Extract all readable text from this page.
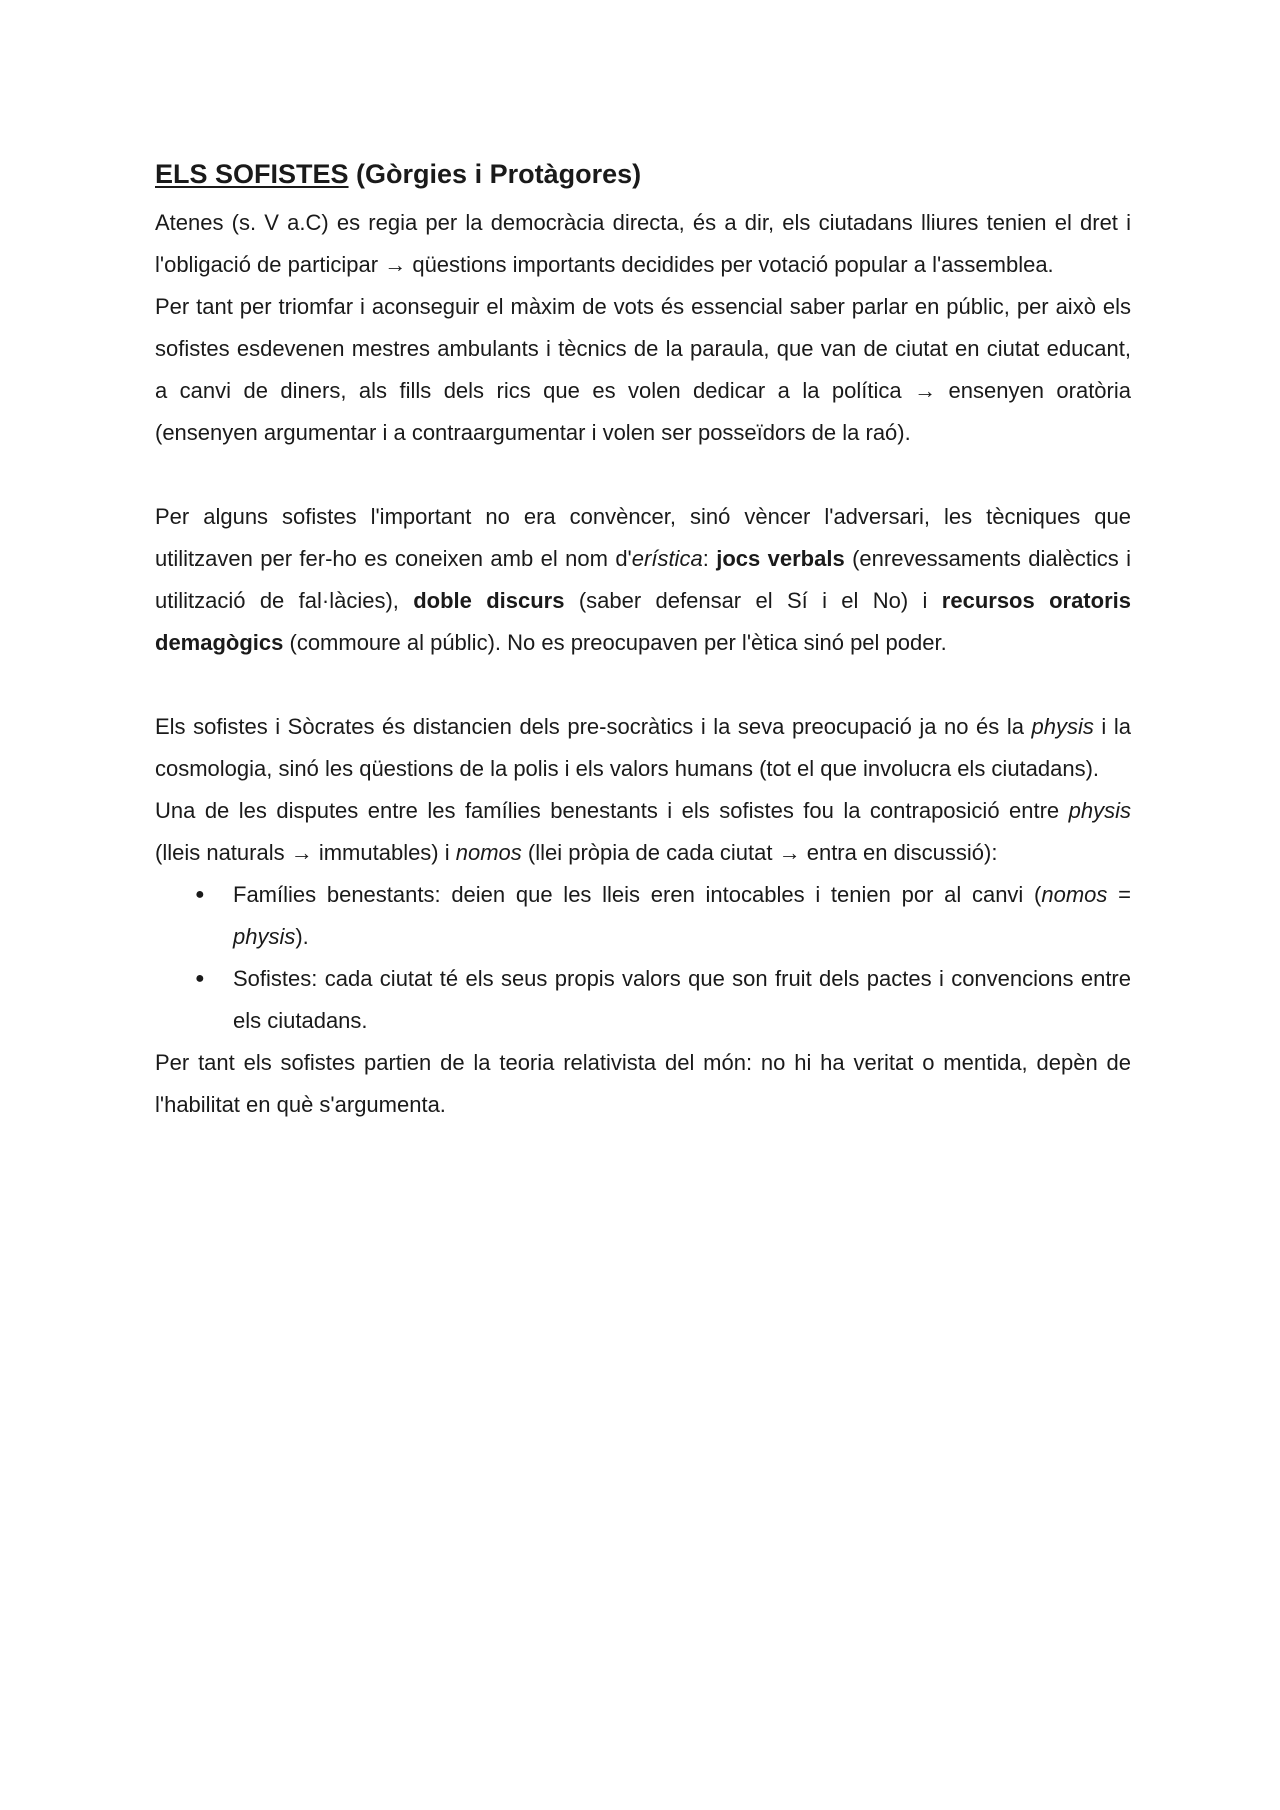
ELS SOFISTES (Gòrgies i Protàgores)

Atenes (s. V a.C) es regia per la democràcia directa, és a dir, els ciutadans lliures tenien el dret i l'obligació de participar → qüestions importants decidides per votació popular a l'assemblea.

Per tant per triomfar i aconseguir el màxim de vots és essencial saber parlar en públic, per això els sofistes esdevenen mestres ambulants i tècnics de la paraula, que van de ciutat en ciutat educant, a canvi de diners, als fills dels rics que es volen dedicar a la política → ensenyen oratòria (ensenyen argumentar i a contraargumentar i volen ser posseïdors de la raó).

Per alguns sofistes l'important no era convèncer, sinó vèncer l'adversari, les tècniques que utilitzaven per fer-ho es coneixen amb el nom d'erística: jocs verbals (enrevessaments dialèctics i utilització de fal·làcies), doble discurs (saber defensar el Sí i el No) i recursos oratoris demagògics (commoure al públic). No es preocupaven per l'ètica sinó pel poder.

Els sofistes i Sòcrates és distancien dels pre-socràtics i la seva preocupació ja no és la physis i la cosmologia, sinó les qüestions de la polis i els valors humans (tot el que involucra els ciutadans).

Una de les disputes entre les famílies benestants i els sofistes fou la contraposició entre physis (lleis naturals → immutables) i nomos (llei pròpia de cada ciutat → entra en discussió):

● Famílies benestants: deien que les lleis eren intocables i tenien por al canvi (nomos = physis).
● Sofistes: cada ciutat té els seus propis valors que son fruit dels pactes i convencions entre els ciutadans.

Per tant els sofistes partien de la teoria relativista del món: no hi ha veritat o mentida, depèn de l'habilitat en què s'argumenta.
